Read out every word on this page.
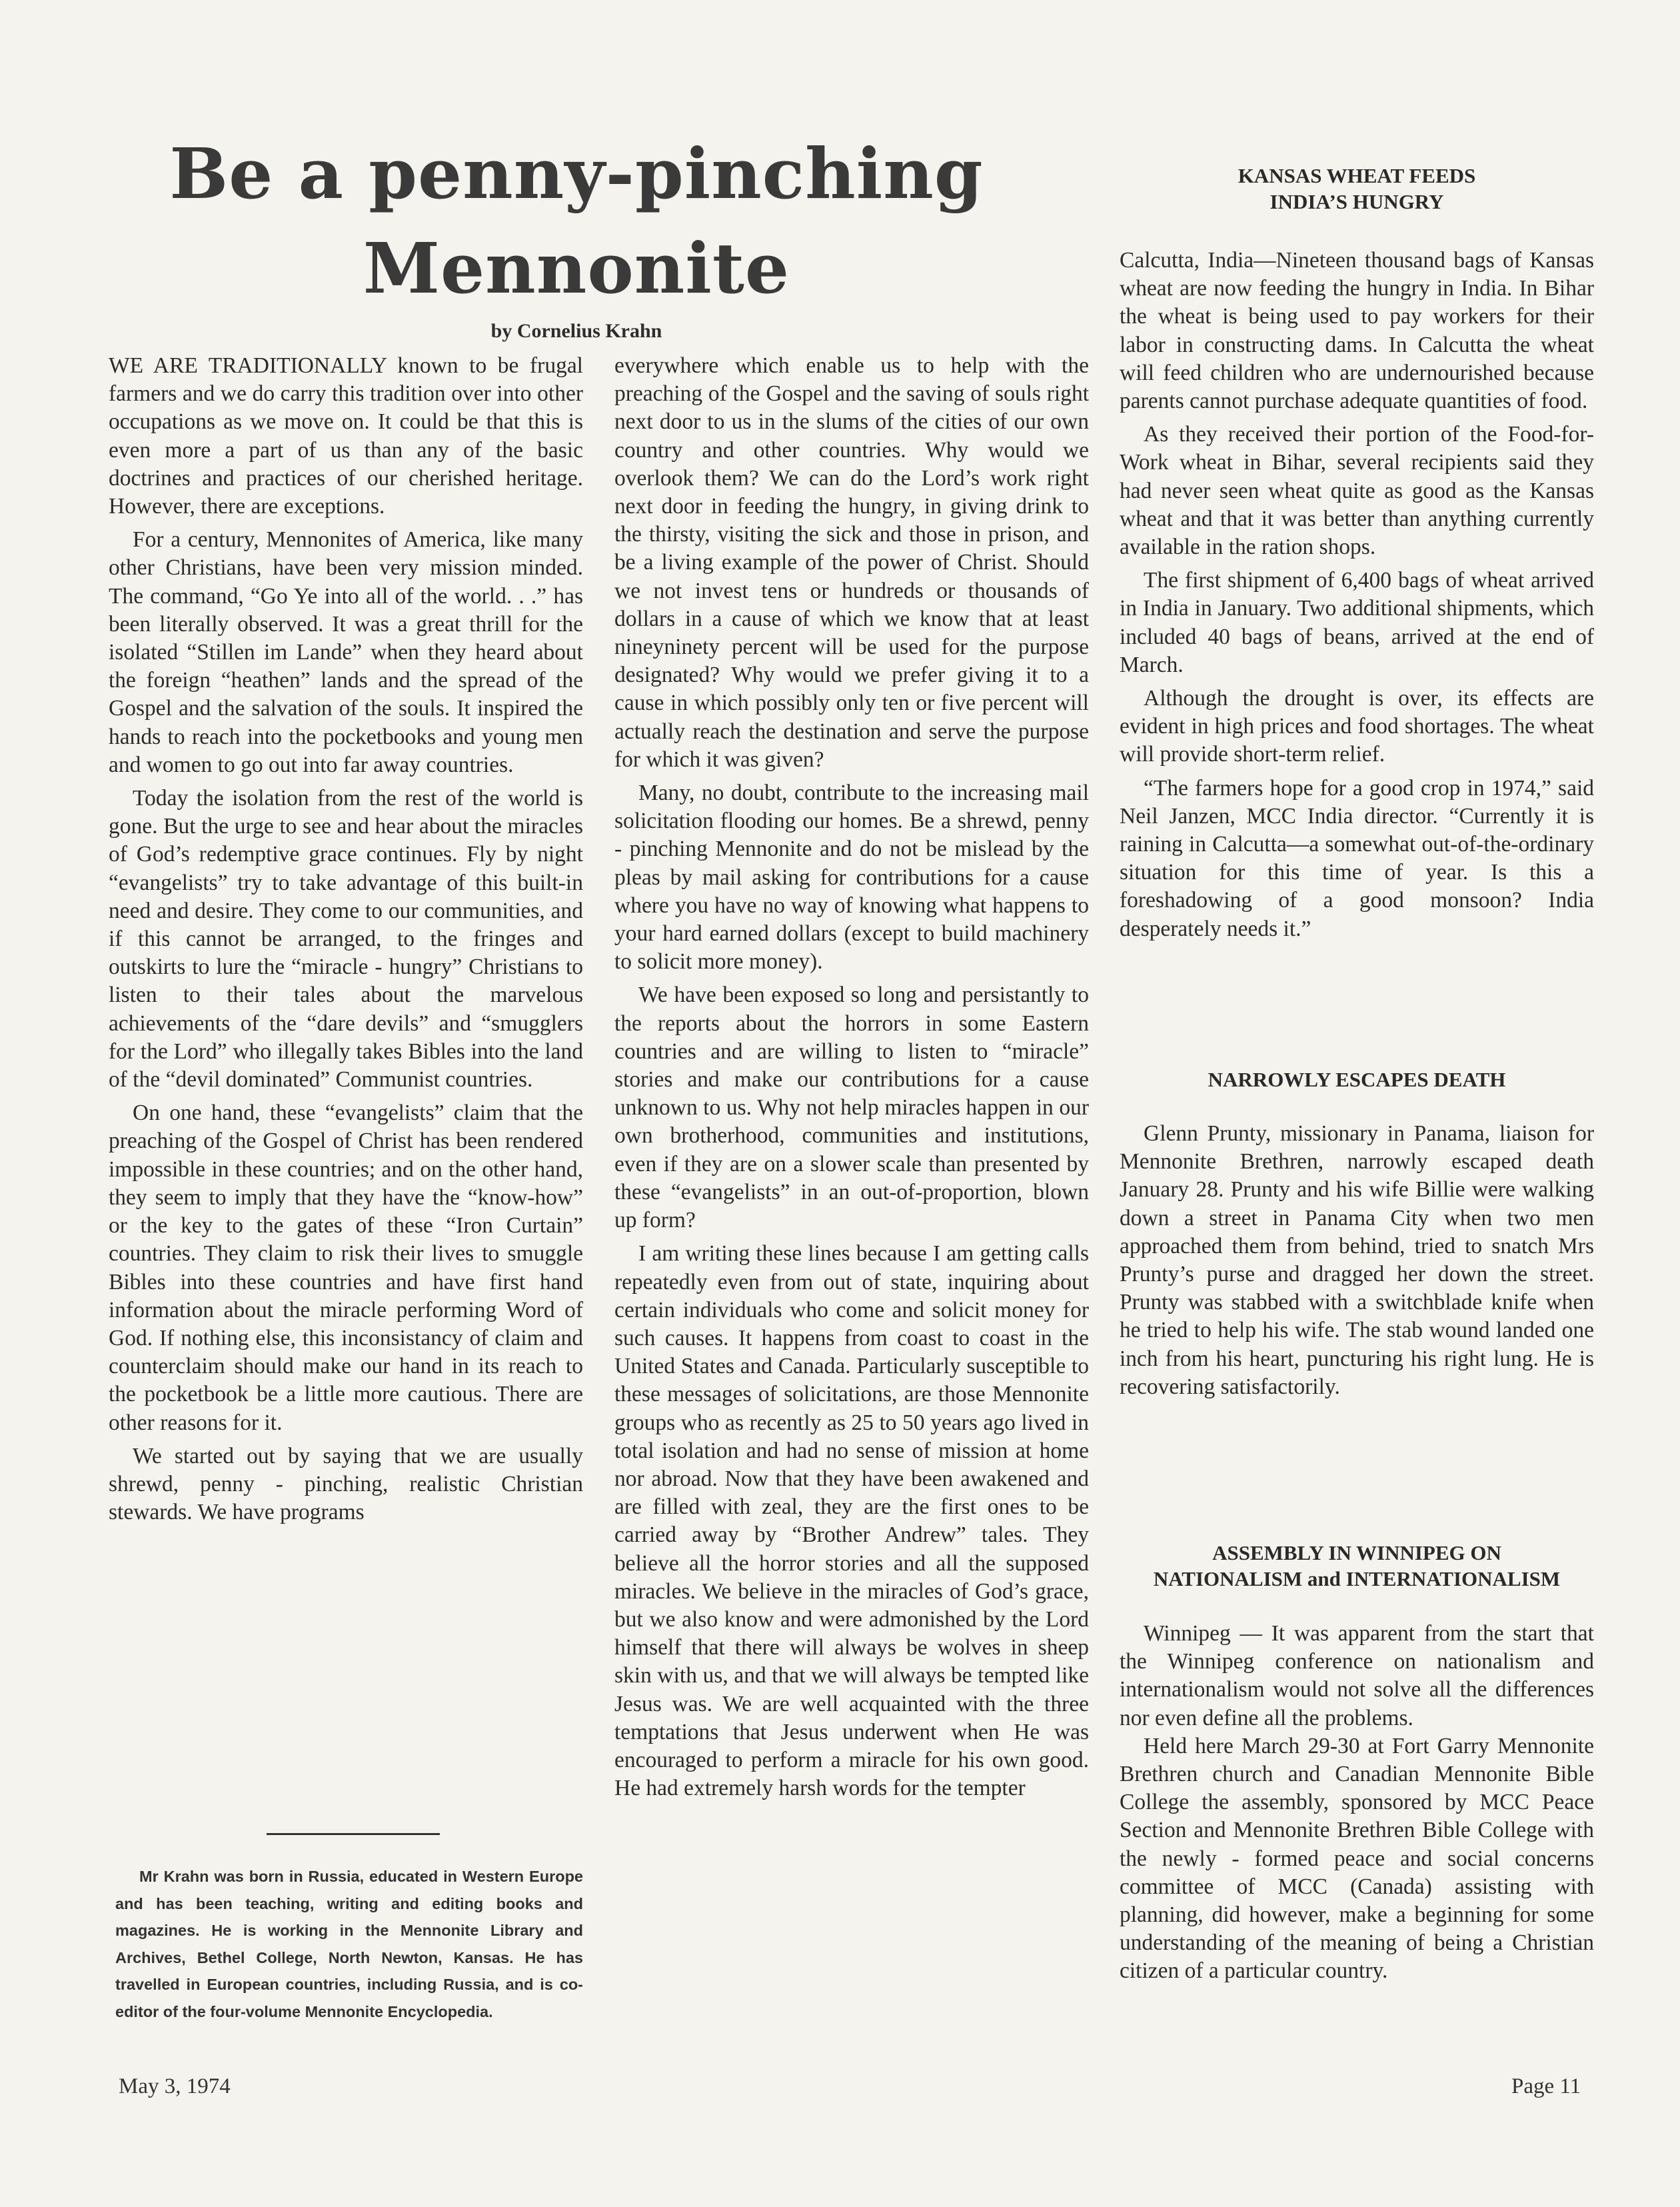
Be a penny-pinching
Mennonite
by Cornelius Krahn

WE ARE TRADITIONALLY known to be frugal farmers and we do carry this tradition over into other occupations as we move on. It could be that this is even more a part of us than any of the basic doctrines and practices of our cherished heritage. However, there are exceptions.

For a century, Mennonites of America, like many other Christians, have been very mission minded. The command, “Go Ye into all of the world. . .” has been literally observed. It was a great thrill for the isolated “Stillen im Lande” when they heard about the foreign “heathen” lands and the spread of the Gospel and the salvation of the souls. It inspired the hands to reach into the pocketbooks and young men and women to go out into far away countries.

Today the isolation from the rest of the world is gone. But the urge to see and hear about the miracles of God’s redemptive grace continues. Fly by night “evangelists” try to take advantage of this built-in need and desire. They come to our communities, and if this cannot be arranged, to the fringes and outskirts to lure the “miracle - hungry” Christians to listen to their tales about the marvelous achievements of the “dare devils” and “smugglers for the Lord” who illegally takes Bibles into the land of the “devil dominated” Communist countries.

On one hand, these “evangelists” claim that the preaching of the Gospel of Christ has been rendered impossible in these countries; and on the other hand, they seem to imply that they have the “know-how” or the key to the gates of these “Iron Curtain” countries. They claim to risk their lives to smuggle Bibles into these countries and have first hand information about the miracle performing Word of God. If nothing else, this inconsistancy of claim and counterclaim should make our hand in its reach to the pocketbook be a little more cautious. There are other reasons for it.

We started out by saying that we are usually shrewd, penny - pinching, realistic Christian stewards. We have programs

everywhere which enable us to help with the preaching of the Gospel and the saving of souls right next door to us in the slums of the cities of our own country and other countries. Why would we overlook them? We can do the Lord’s work right next door in feeding the hungry, in giving drink to the thirsty, visiting the sick and those in prison, and be a living example of the power of Christ. Should we not invest tens or hundreds or thousands of dollars in a cause of which we know that at least nineyninety percent will be used for the purpose designated? Why would we prefer giving it to a cause in which possibly only ten or five percent will actually reach the destination and serve the purpose for which it was given?

Many, no doubt, contribute to the increasing mail solicitation flooding our homes. Be a shrewd, penny - pinching Mennonite and do not be mislead by the pleas by mail asking for contributions for a cause where you have no way of knowing what happens to your hard earned dollars (except to build machinery to solicit more money).

We have been exposed so long and persistantly to the reports about the horrors in some Eastern countries and are willing to listen to “miracle” stories and make our contributions for a cause unknown to us. Why not help miracles happen in our own brotherhood, communities and institutions, even if they are on a slower scale than presented by these “evangelists” in an out-of-proportion, blown up form?

I am writing these lines because I am getting calls repeatedly even from out of state, inquiring about certain individuals who come and solicit money for such causes. It happens from coast to coast in the United States and Canada. Particularly susceptible to these messages of solicitations, are those Mennonite groups who as recently as 25 to 50 years ago lived in total isolation and had no sense of mission at home nor abroad. Now that they have been awakened and are filled with zeal, they are the first ones to be carried away by “Brother Andrew” tales. They believe all the horror stories and all the supposed miracles. We believe in the miracles of God’s grace, but we also know and were admonished by the Lord himself that there will always be wolves in sheep skin with us, and that we will always be tempted like Jesus was. We are well acquainted with the three temptations that Jesus underwent when He was encouraged to perform a miracle for his own good. He had extremely harsh words for the tempter

Mr Krahn was born in Russia, educated in Western Europe and has been teaching, writing and editing books and magazines. He is working in the Mennonite Library and Archives, Bethel College, North Newton, Kansas. He has travelled in European countries, including Russia, and is co-editor of the four-volume Mennonite Encyclopedia.
KANSAS WHEAT FEEDS
INDIA’S HUNGRY

Calcutta, India—Nineteen thousand bags of Kansas wheat are now feeding the hungry in India. In Bihar the wheat is being used to pay workers for their labor in constructing dams. In Calcutta the wheat will feed children who are undernourished because parents cannot purchase adequate quantities of food.

As they received their portion of the Food-for-Work wheat in Bihar, several recipients said they had never seen wheat quite as good as the Kansas wheat and that it was better than anything currently available in the ration shops.

The first shipment of 6,400 bags of wheat arrived in India in January. Two additional shipments, which included 40 bags of beans, arrived at the end of March.

Although the drought is over, its effects are evident in high prices and food shortages. The wheat will provide short-term relief.

“The farmers hope for a good crop in 1974,” said Neil Janzen, MCC India director. “Currently it is raining in Calcutta—a somewhat out-of-the-ordinary situation for this time of year. Is this a foreshadowing of a good monsoon? India desperately needs it.”

NARROWLY ESCAPES DEATH

Glenn Prunty, missionary in Panama, liaison for Mennonite Brethren, narrowly escaped death January 28. Prunty and his wife Billie were walking down a street in Panama City when two men approached them from behind, tried to snatch Mrs Prunty’s purse and dragged her down the street. Prunty was stabbed with a switchblade knife when he tried to help his wife. The stab wound landed one inch from his heart, puncturing his right lung. He is recovering satisfactorily.

ASSEMBLY IN WINNIPEG ON
NATIONALISM and INTERNATIONALISM

Winnipeg — It was apparent from the start that the Winnipeg conference on nationalism and internationalism would not solve all the differences nor even define all the problems.

Held here March 29-30 at Fort Garry Mennonite Brethren church and Canadian Mennonite Bible College the assembly, sponsored by MCC Peace Section and Mennonite Brethren Bible College with the newly - formed peace and social concerns committee of MCC (Canada) assisting with planning, did however, make a beginning for some understanding of the meaning of being a Christian citizen of a particular country.

May 3, 1974	Page 11
